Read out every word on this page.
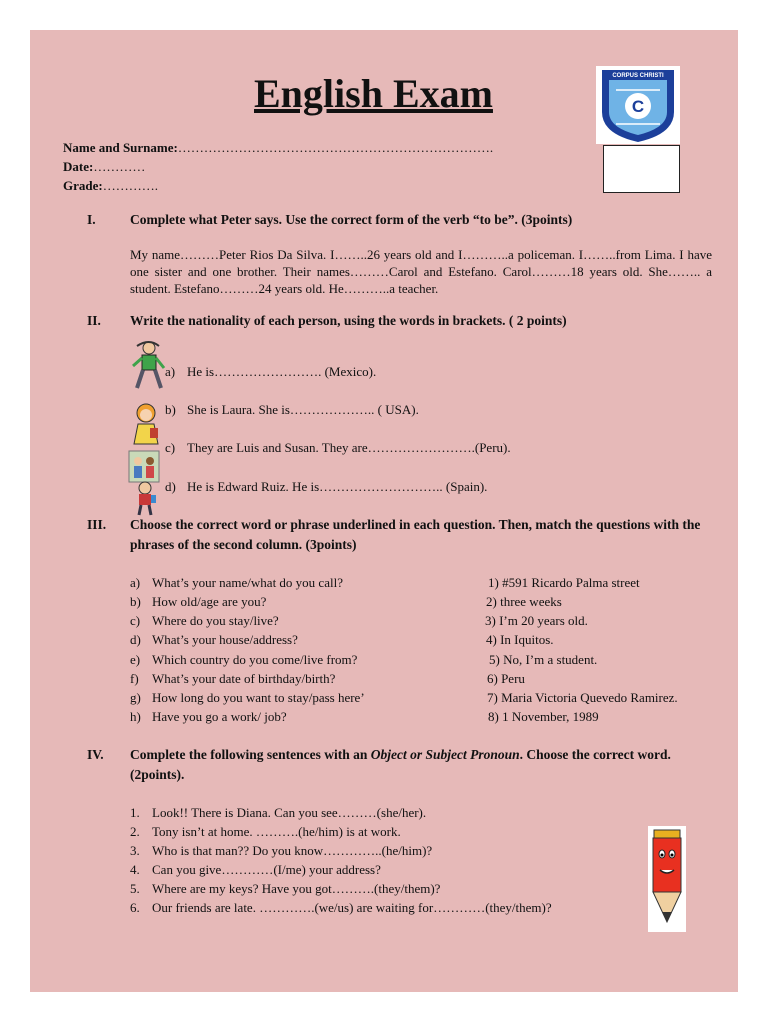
English Exam	C
CORPUS CHRISTI
Name and Surname:……………………………………………………………….
Date:…………
Grade:………….
I.	Complete what Peter says. Use the correct form of the verb “to be”. (3points)
My name………Peter Rios Da Silva. I……..26 years old and I………..a policeman. I……..from Lima. I have one sister and one brother. Their names………Carol and Estefano. Carol………18 years old. She…….. a student. Estefano………24 years old. He………..a teacher.
II. Write the nationality of each person, using the words in brackets. ( 2 points)
a) He is……………………. (Mexico).
b) She is Laura. She is……………….. ( USA).
c) They are Luis and Susan. They are…………………….(Peru).
d) He is Edward Ruiz. He is……………………….. (Spain).
III. Choose the correct word or phrase underlined in each question. Then, match the questions with the phrases of the second column. (3points)
a) What’s your name/what do you call?
b) How old/age are you?
c) Where do you stay/live?
d) What’s your house/address?
e) Which country do you come/live from?
f) What’s your date of birthday/birth?
g) How long do you want to stay/pass here’
h) Have you go a work/ job?
1) #591 Ricardo Palma street
2) three weeks
3) I’m 20 years old.
4) In Iquitos.
5) No, I’m a student.
6) Peru
7) Maria Victoria Quevedo Ramirez.
8) 1 November, 1989
IV. Complete the following sentences with an Object or Subject Pronoun. Choose the correct word. (2points).
1. Look!! There is Diana. Can you see………(she/her).
2. Tony isn’t at home. ……….(he/him) is at work.
3. Who is that man?? Do you know…………..(he/him)?
4. Can you give…………(I/me) your address?
5. Where are my keys? Have you got……….(they/them)?
6. Our friends are late. ………….(we/us) are waiting for…………(they/them)?
